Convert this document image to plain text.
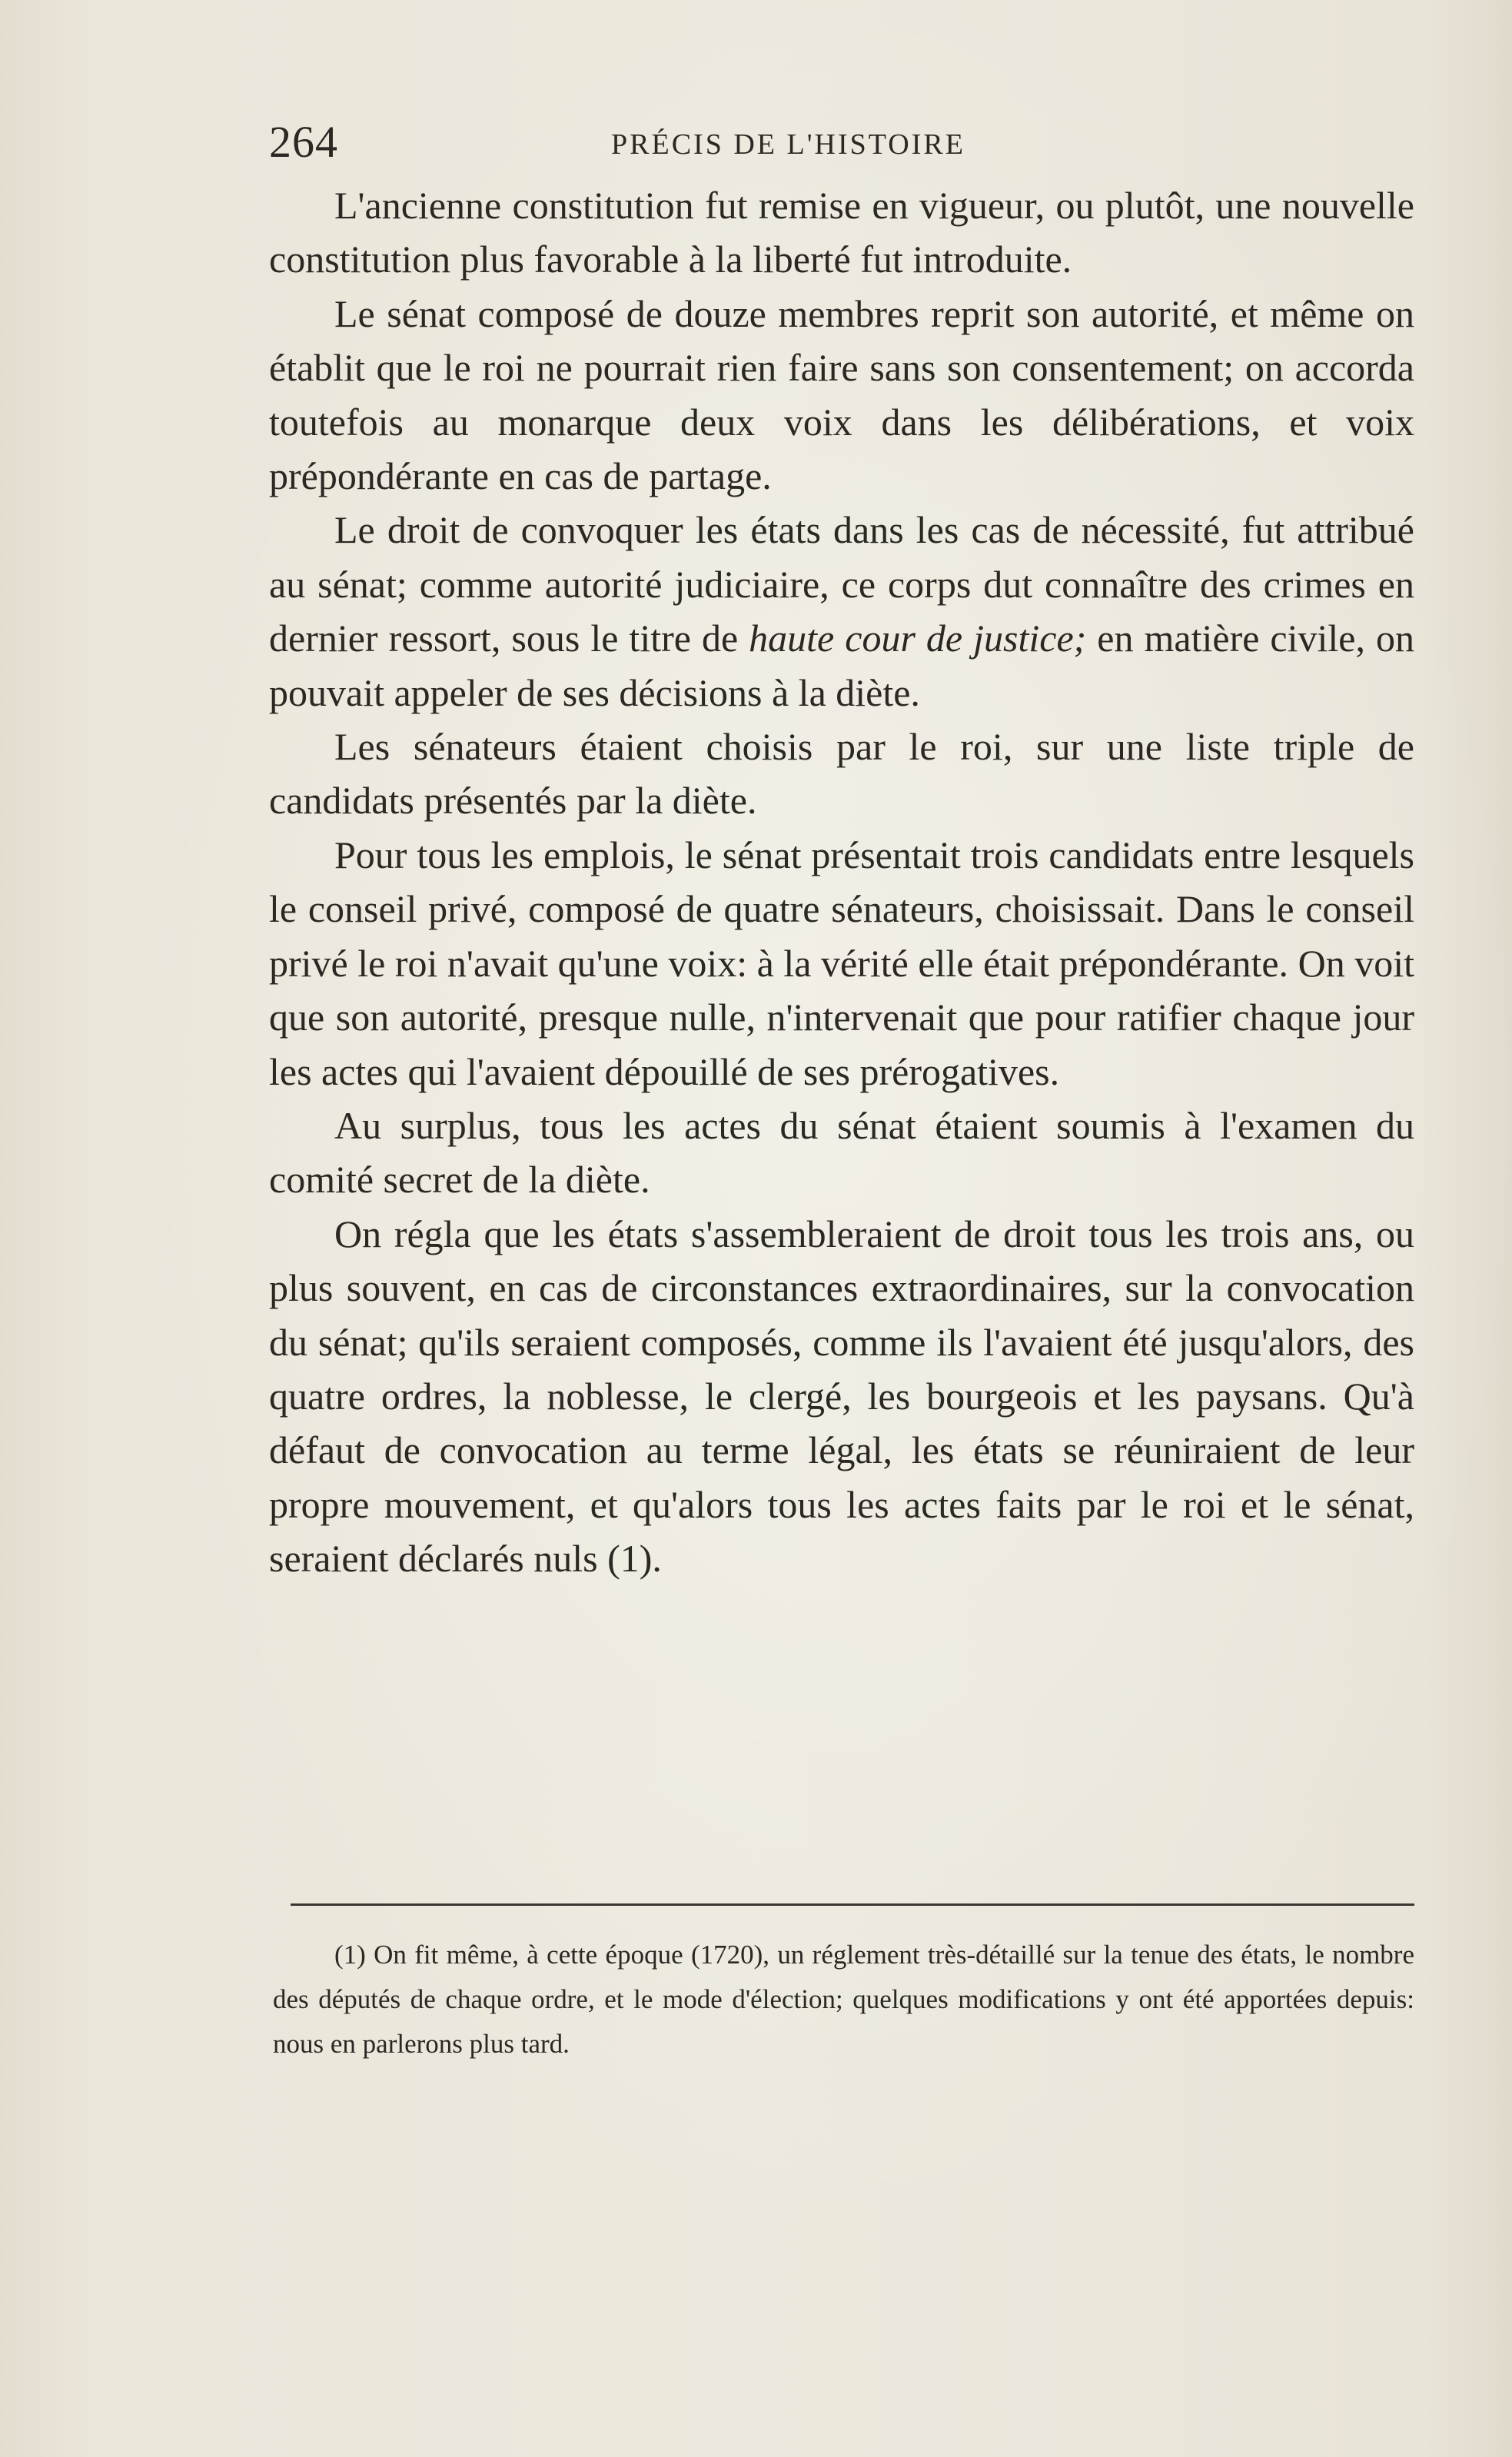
264	PRÉCIS DE L'HISTOIRE

L'ancienne constitution fut remise en vigueur, ou plutôt, une nouvelle constitution plus favorable à la liberté fut introduite.

Le sénat composé de douze membres reprit son autorité, et même on établit que le roi ne pourrait rien faire sans son consentement; on accorda toutefois au monarque deux voix dans les délibérations, et voix prépondérante en cas de partage.

Le droit de convoquer les états dans les cas de nécessité, fut attribué au sénat; comme autorité judiciaire, ce corps dut connaître des crimes en dernier ressort, sous le titre de haute cour de justice; en matière civile, on pouvait appeler de ses décisions à la diète.

Les sénateurs étaient choisis par le roi, sur une liste triple de candidats présentés par la diète.

Pour tous les emplois, le sénat présentait trois candidats entre lesquels le conseil privé, composé de quatre sénateurs, choisissait. Dans le conseil privé le roi n'avait qu'une voix: à la vérité elle était prépondérante. On voit que son autorité, presque nulle, n'intervenait que pour ratifier chaque jour les actes qui l'avaient dépouillé de ses prérogatives.

Au surplus, tous les actes du sénat étaient soumis à l'examen du comité secret de la diète.

On régla que les états s'assembleraient de droit tous les trois ans, ou plus souvent, en cas de circonstances extraordinaires, sur la convocation du sénat; qu'ils seraient composés, comme ils l'avaient été jusqu'alors, des quatre ordres, la noblesse, le clergé, les bourgeois et les paysans. Qu'à défaut de convocation au terme légal, les états se réuniraient de leur propre mouvement, et qu'alors tous les actes faits par le roi et le sénat, seraient déclarés nuls (1).

(1) On fit même, à cette époque (1720), un réglement très-détaillé sur la tenue des états, le nombre des députés de chaque ordre, et le mode d'élection; quelques modifications y ont été apportées depuis: nous en parlerons plus tard.
